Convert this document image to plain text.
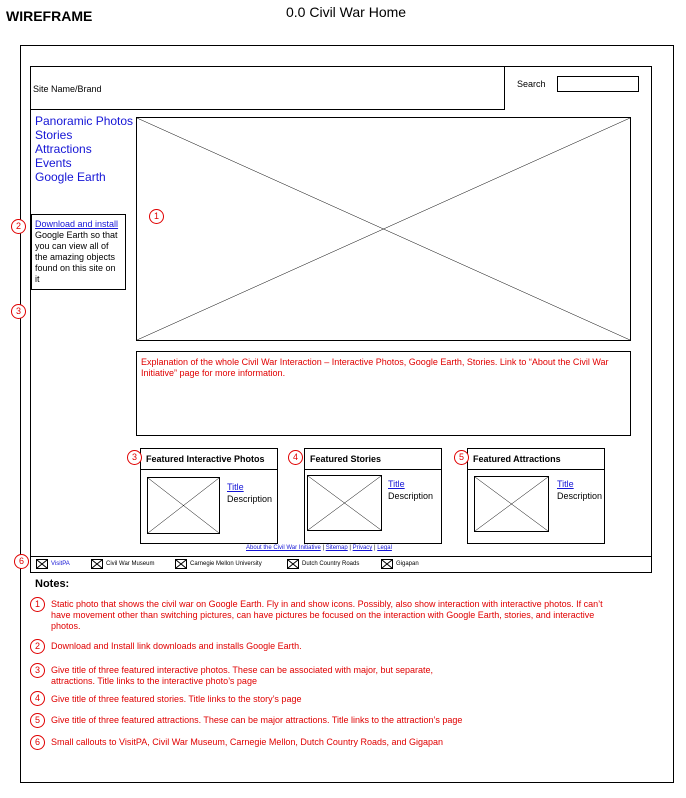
WIREFRAME	0.0 Civil War Home
Site Name/Brand	Search
Panoramic Photos
Stories
Attractions
Events
Google Earth
Download and install Google Earth so that you can view all of the amazing objects found on this site on it
Explanation of the whole Civil War Interaction – Interactive Photos, Google Earth, Stories. Link to “About the Civil War Initiative” page for more information.
Featured Interactive Photos
Title
Description
Featured Stories
Title
Description
Featured Attractions
Title
Description
About the Civil War Initiative | Sitemap | Privacy | Legal
VisitPA	Civil War Museum	Carnegie Mellon University	Dutch Country Roads	Gigapan
1
2
3
3	4	5
6
Notes:
1	Static photo that shows the civil war on Google Earth. Fly in and show icons. Possibly, also show interaction with interactive photos. If can’t have movement other than switching pictures, can have pictures be focused on the interaction with Google Earth, stories, and interactive photos.
2	Download and Install link downloads and installs Google Earth.
3	Give title of three featured interactive photos. These can be associated with major, but separate, attractions. Title links to the interactive photo’s page
4	Give title of three featured stories. Title links to the story’s page
5	Give title of three featured attractions. These can be major attractions. Title links to the attraction’s page
6	Small callouts to VisitPA, Civil War Museum, Carnegie Mellon, Dutch Country Roads, and Gigapan
